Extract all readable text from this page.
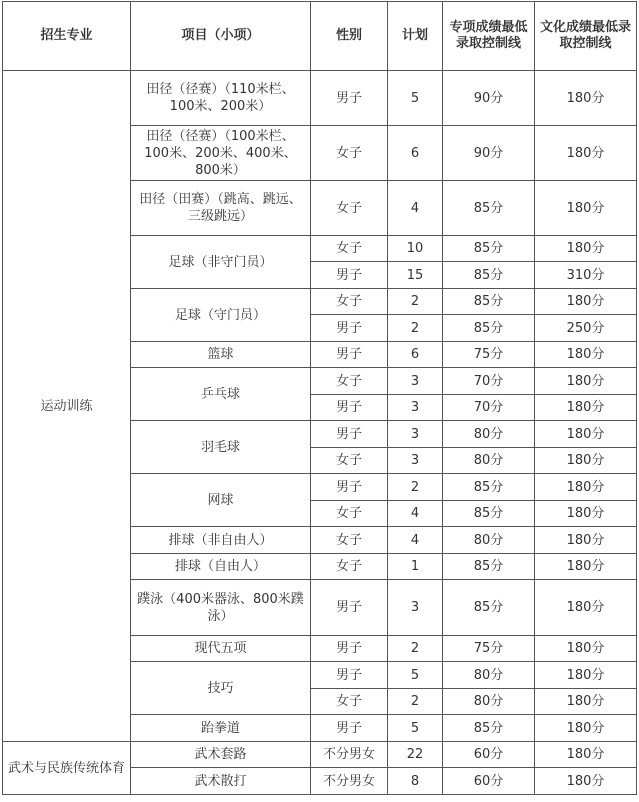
招生专业	项目（小项）	性别	计划	专项成绩最低录取控制线	文化成绩最低录取控制线
运动训练	田径（径赛）（110米栏、100米、200米）	男子	5	90分	180分
	田径（径赛）（100米栏、100米、200米、400米、800米）	女子	6	90分	180分
	田径（田赛）（跳高、跳远、三级跳远）	女子	4	85分	180分
	足球（非守门员）	女子	10	85分	180分
		男子	15	85分	310分
	足球（守门员）	女子	2	85分	180分
		男子	2	85分	250分
	篮球	男子	6	75分	180分
	乒乓球	女子	3	70分	180分
		男子	3	70分	180分
	羽毛球	男子	3	80分	180分
		女子	3	80分	180分
	网球	男子	2	85分	180分
		女子	4	85分	180分
	排球（非自由人）	女子	4	80分	180分
	排球（自由人）	女子	1	85分	180分
	蹼泳（400米器泳、800米蹼泳）	男子	3	85分	180分
	现代五项	男子	2	75分	180分
	技巧	男子	5	80分	180分
		女子	2	80分	180分
	跆拳道	男子	5	85分	180分
武术与民族传统体育	武术套路	不分男女	22	60分	180分
	武术散打	不分男女	8	60分	180分
